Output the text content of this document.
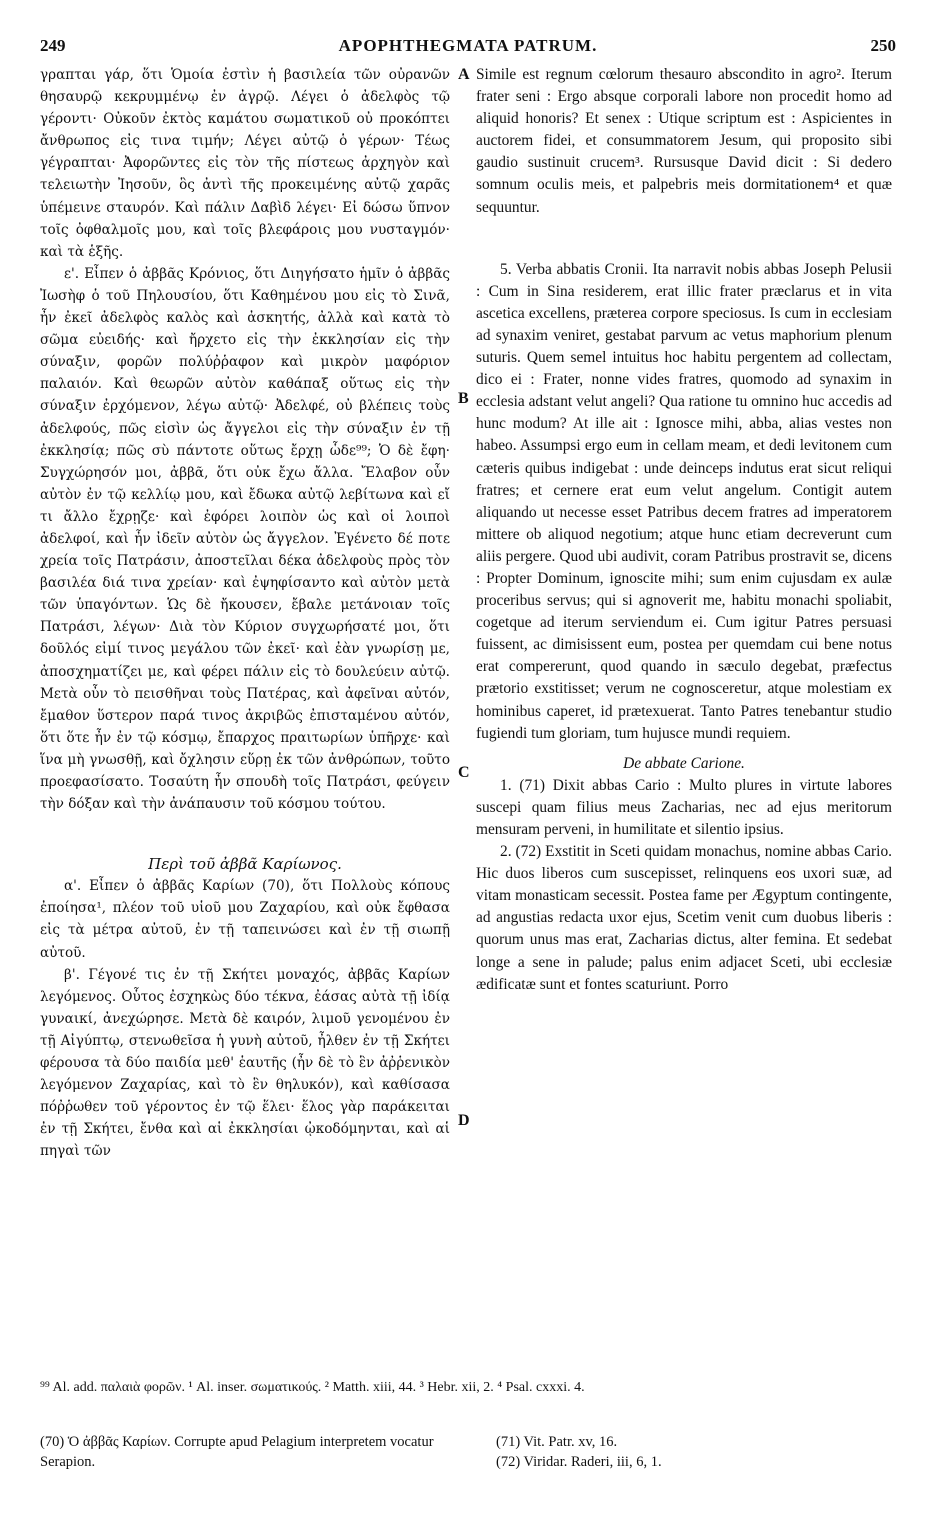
249	APOPHTHEGMATA PATRUM.	250
A
B
C
D

γραπται γάρ, ὅτι Ὁμοία ἐστὶν ἡ βασιλεία τῶν οὐρανῶν θησαυρῷ κεκρυμμένῳ ἐν ἀγρῷ. Λέγει ὁ ἀδελφὸς τῷ γέροντι· Οὐκοῦν ἐκτὸς καμάτου σωματικοῦ οὐ προκόπτει ἄνθρωπος εἰς τινα τιμήν; Λέγει αὐτῷ ὁ γέρων· Τέως γέγραπται· Ἀφορῶντες εἰς τὸν τῆς πίστεως ἀρχηγὸν καὶ τελειωτὴν Ἰησοῦν, ὃς ἀντὶ τῆς προκειμένης αὐτῷ χαρᾶς ὑπέμεινε σταυρόν. Καὶ πάλιν Δαβὶδ λέγει· Εἰ δώσω ὕπνον τοῖς ὀφθαλμοῖς μου, καὶ τοῖς βλεφάροις μου νυσταγμόν· καὶ τὰ ἑξῆς.

ε'. Εἶπεν ὁ ἀββᾶς Κρόνιος, ὅτι Διηγήσατο ἡμῖν ὁ ἀββᾶς Ἰωσὴφ ὁ τοῦ Πηλουσίου, ὅτι Καθημένου μου εἰς τὸ Σινᾶ, ἦν ἐκεῖ ἀδελφὸς καλὸς καὶ ἀσκητής, ἀλλὰ καὶ κατὰ τὸ σῶμα εὐειδής· καὶ ἤρχετο εἰς τὴν ἐκκλησίαν εἰς τὴν σύναξιν, φορῶν πολύῤῥαφον καὶ μικρὸν μαφόριον παλαιόν. Καὶ θεωρῶν αὐτὸν καθάπαξ οὕτως εἰς τὴν σύναξιν ἐρχόμενον, λέγω αὐτῷ· Ἀδελφέ, οὐ βλέπεις τοὺς ἀδελφούς, πῶς εἰσὶν ὡς ἄγγελοι εἰς τὴν σύναξιν ἐν τῇ ἐκκλησίᾳ; πῶς σὺ πάντοτε οὕτως ἔρχῃ ὧδε⁹⁹; Ὁ δὲ ἔφη· Συγχώρησόν μοι, ἀββᾶ, ὅτι οὐκ ἔχω ἄλλα. Ἔλαβον οὖν αὐτὸν ἐν τῷ κελλίῳ μου, καὶ ἔδωκα αὐτῷ λεβίτωνα καὶ εἴ τι ἄλλο ἔχρῃζε· καὶ ἐφόρει λοιπὸν ὡς καὶ οἱ λοιποὶ ἀδελφοί, καὶ ἦν ἰδεῖν αὐτὸν ὡς ἄγγελον. Ἐγένετο δέ ποτε χρεία τοῖς Πατράσιν, ἀποστεῖλαι δέκα ἀδελφοὺς πρὸς τὸν βασιλέα διά τινα χρείαν· καὶ ἐψηφίσαντο καὶ αὐτὸν μετὰ τῶν ὑπαγόντων. Ὡς δὲ ἤκουσεν, ἔβαλε μετάνοιαν τοῖς Πατράσι, λέγων· Διὰ τὸν Κύριον συγχωρήσατέ μοι, ὅτι δοῦλός εἰμί τινος μεγάλου τῶν ἐκεῖ· καὶ ἐὰν γνωρίσῃ με, ἀποσχηματίζει με, καὶ φέρει πάλιν εἰς τὸ δουλεύειν αὐτῷ. Μετὰ οὖν τὸ πεισθῆναι τοὺς Πατέρας, καὶ ἀφεῖναι αὐτόν, ἔμαθον ὕστερον παρά τινος ἀκριβῶς ἐπισταμένου αὐτόν, ὅτι ὅτε ἦν ἐν τῷ κόσμῳ, ἔπαρχος πραιτωρίων ὑπῆρχε· καὶ ἵνα μὴ γνωσθῇ, καὶ ὄχλησιν εὕρῃ ἐκ τῶν ἀνθρώπων, τοῦτο προεφασίσατο. Τοσαύτη ἦν σπουδὴ τοῖς Πατράσι, φεύγειν τὴν δόξαν καὶ τὴν ἀνάπαυσιν τοῦ κόσμου τούτου.

Περὶ τοῦ ἀββᾶ Καρίωνος.

α'. Εἶπεν ὁ ἀββᾶς Καρίων (70), ὅτι Πολλοὺς κόπους ἐποίησα¹, πλέον τοῦ υἱοῦ μου Ζαχαρίου, καὶ οὐκ ἔφθασα εἰς τὰ μέτρα αὐτοῦ, ἐν τῇ ταπεινώσει καὶ ἐν τῇ σιωπῇ αὐτοῦ.

β'. Γέγονέ τις ἐν τῇ Σκήτει μοναχός, ἀββᾶς Καρίων λεγόμενος. Οὗτος ἐσχηκὼς δύο τέκνα, ἐάσας αὐτὰ τῇ ἰδίᾳ γυναικί, ἀνεχώρησε. Μετὰ δὲ καιρόν, λιμοῦ γενομένου ἐν τῇ Αἰγύπτῳ, στενωθεῖσα ἡ γυνὴ αὐτοῦ, ἦλθεν ἐν τῇ Σκήτει φέρουσα τὰ δύο παιδία μεθ' ἑαυτῆς (ἦν δὲ τὸ ἓν ἀῤῥενικὸν λεγόμενον Ζαχαρίας, καὶ τὸ ἓν θηλυκόν), καὶ καθίσασα πόῤῥωθεν τοῦ γέροντος ἐν τῷ ἕλει· ἕλος γὰρ παράκειται ἐν τῇ Σκήτει, ἔνθα καὶ αἱ ἐκκλησίαι ᾠκοδόμηνται, καὶ αἱ πηγαὶ τῶν

Simile est regnum cœlorum thesauro abscondito in agro². Iterum frater seni : Ergo absque corporali labore non procedit homo ad aliquid honoris? Et senex : Utique scriptum est : Aspicientes in auctorem fidei, et consummatorem Jesum, qui proposito sibi gaudio sustinuit crucem³. Rursusque David dicit : Si dedero somnum oculis meis, et palpebris meis dormitationem⁴ et quæ sequuntur.

5. Verba abbatis Cronii. Ita narravit nobis abbas Joseph Pelusii : Cum in Sina residerem, erat illic frater præclarus et in vita ascetica excellens, præterea corpore speciosus. Is cum in ecclesiam ad synaxim veniret, gestabat parvum ac vetus maphorium plenum suturis. Quem semel intuitus hoc habitu pergentem ad collectam, dico ei : Frater, nonne vides fratres, quomodo ad synaxim in ecclesia adstant velut angeli? Qua ratione tu omnino huc accedis ad hunc modum? At ille ait : Ignosce mihi, abba, alias vestes non habeo. Assumpsi ergo eum in cellam meam, et dedi levitonem cum cæteris quibus indigebat : unde deinceps indutus erat sicut reliqui fratres; et cernere erat eum velut angelum. Contigit autem aliquando ut necesse esset Patribus decem fratres ad imperatorem mittere ob aliquod negotium; atque hunc etiam decreverunt cum aliis pergere. Quod ubi audivit, coram Patribus prostravit se, dicens : Propter Dominum, ignoscite mihi; sum enim cujusdam ex aulæ proceribus servus; qui si agnoverit me, habitu monachi spoliabit, cogetque ad iterum serviendum ei. Cum igitur Patres persuasi fuissent, ac dimisissent eum, postea per quemdam cui bene notus erat compererunt, quod quando in sæculo degebat, præfectus prætorio exstitisset; verum ne cognosceretur, atque molestiam ex hominibus caperet, id prætexuerat. Tanto Patres tenebantur studio fugiendi tum gloriam, tum hujusce mundi requiem.

De abbate Carione.

1. (71) Dixit abbas Cario : Multo plures in virtute labores suscepi quam filius meus Zacharias, nec ad ejus meritorum mensuram perveni, in humilitate et silentio ipsius.

2. (72) Exstitit in Sceti quidam monachus, nomine abbas Cario. Hic duos liberos cum suscepisset, relinquens eos uxori suæ, ad vitam monasticam secessit. Postea fame per Ægyptum contingente, ad angustias redacta uxor ejus, Scetim venit cum duobus liberis : quorum unus mas erat, Zacharias dictus, alter femina. Et sedebat longe a sene in palude; palus enim adjacet Sceti, ubi ecclesiæ ædificatæ sunt et fontes scaturiunt. Porro

⁹⁹ Al. add. παλαιὰ φορῶν. ¹ Al. inser. σωματικούς. ² Matth. xiii, 44. ³ Hebr. xii, 2. ⁴ Psal. cxxxi. 4.
(70) Ὁ ἀββᾶς Καρίων. Corrupte apud Pelagium interpretem vocatur Serapion.
(71) Vit. Patr. xv, 16.
(72) Viridar. Raderi, iii, 6, 1.
